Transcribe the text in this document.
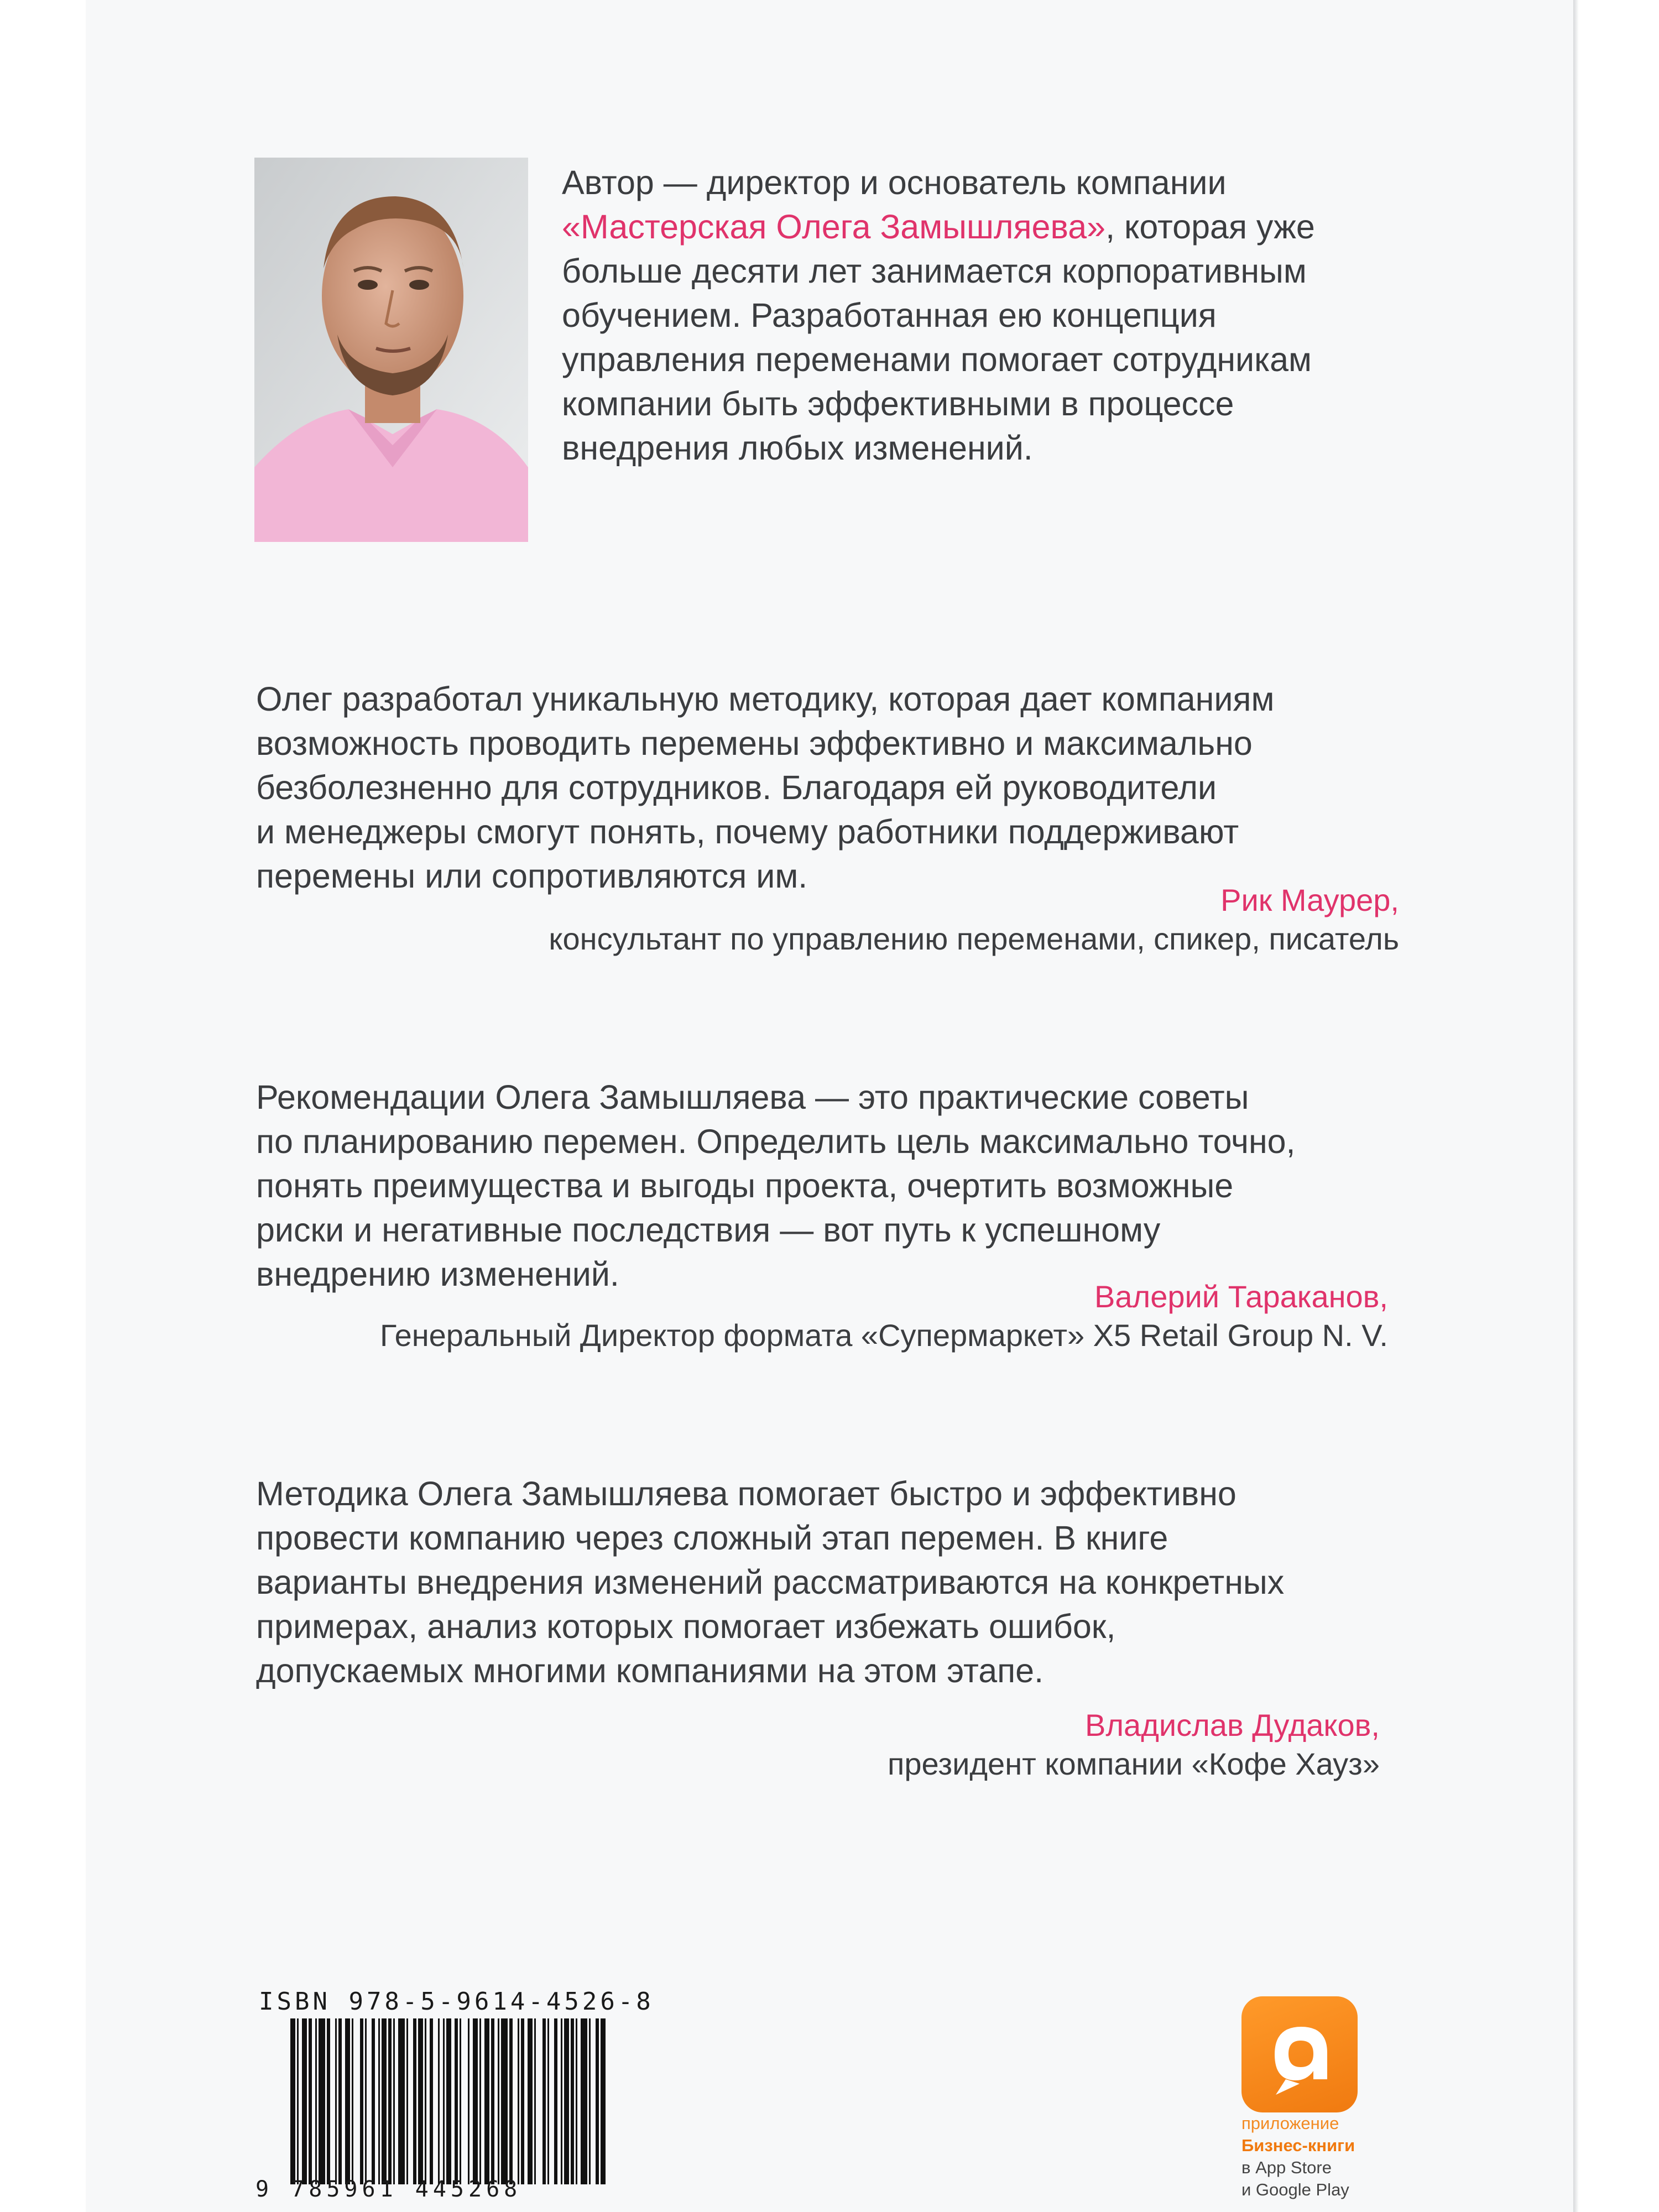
Автор — директор и основатель компании
«Мастерская Олега Замышляева», которая уже
больше десяти лет занимается корпоративным
обучением. Разработанная ею концепция
управления переменами помогает сотрудникам
компании быть эффективными в процессе
внедрения любых изменений.
Олег разработал уникальную методику, которая дает компаниям
возможность проводить перемены эффективно и максимально
безболезненно для сотрудников. Благодаря ей руководители
и менеджеры смогут понять, почему работники поддерживают
перемены или сопротивляются им.
Рик Маурер,
консультант по управлению переменами, спикер, писатель
Рекомендации Олега Замышляева — это практические советы
по планированию перемен. Определить цель максимально точно,
понять преимущества и выгоды проекта, очертить возможные
риски и негативные последствия — вот путь к успешному
внедрению изменений.
Валерий Тараканов,
Генеральный Директор формата «Супермаркет» X5 Retail Group N. V.
Методика Олега Замышляева помогает быстро и эффективно
провести компанию через сложный этап перемен. В книге
варианты внедрения изменений рассматриваются на конкретных
примерах, анализ которых помогает избежать ошибок,
допускаемых многими компаниями на этом этапе.
Владислав Дудаков,
президент компании «Кофе Хауз»
ISBN 978-5-9614-4526-8
9 785961 445268
приложение
Бизнес-книги
в App Store
и Google Play
